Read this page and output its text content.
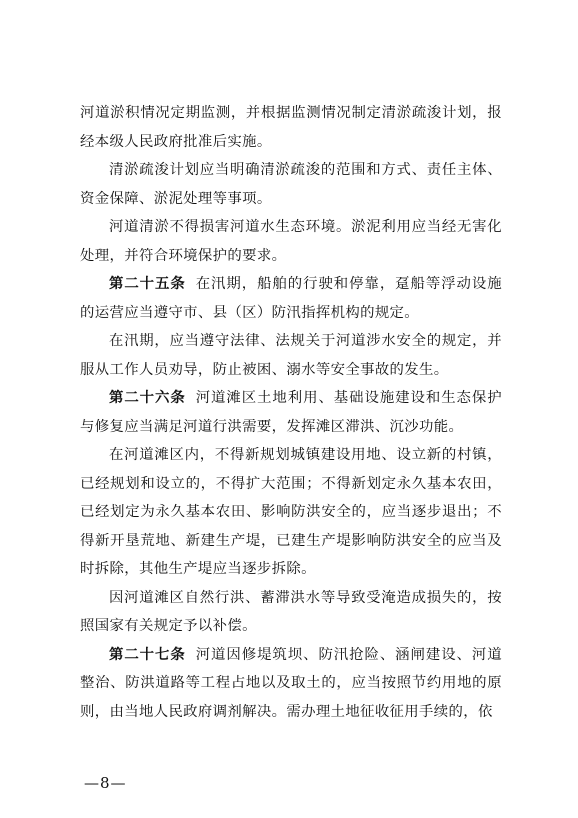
河道淤积情况定期监测，并根据监测情况制定清淤疏浚计划，报经本级人民政府批准后实施。

清淤疏浚计划应当明确清淤疏浚的范围和方式、责任主体、资金保障、淤泥处理等事项。

河道清淤不得损害河道水生态环境。淤泥利用应当经无害化处理，并符合环境保护的要求。

第二十五条 在汛期，船舶的行驶和停靠，趸船等浮动设施的运营应当遵守市、县（区）防汛指挥机构的规定。

在汛期，应当遵守法律、法规关于河道涉水安全的规定，并服从工作人员劝导，防止被困、溺水等安全事故的发生。

第二十六条 河道滩区土地利用、基础设施建设和生态保护与修复应当满足河道行洪需要，发挥滩区滞洪、沉沙功能。

在河道滩区内，不得新规划城镇建设用地、设立新的村镇，已经规划和设立的，不得扩大范围；不得新划定永久基本农田，已经划定为永久基本农田、影响防洪安全的，应当逐步退出；不得新开垦荒地、新建生产堤，已建生产堤影响防洪安全的应当及时拆除，其他生产堤应当逐步拆除。

因河道滩区自然行洪、蓄滞洪水等导致受淹造成损失的，按照国家有关规定予以补偿。

第二十七条 河道因修堤筑坝、防汛抢险、涵闸建设、河道整治、防洪道路等工程占地以及取土的，应当按照节约用地的原则，由当地人民政府调剂解决。需办理土地征收征用手续的，依

—8—
